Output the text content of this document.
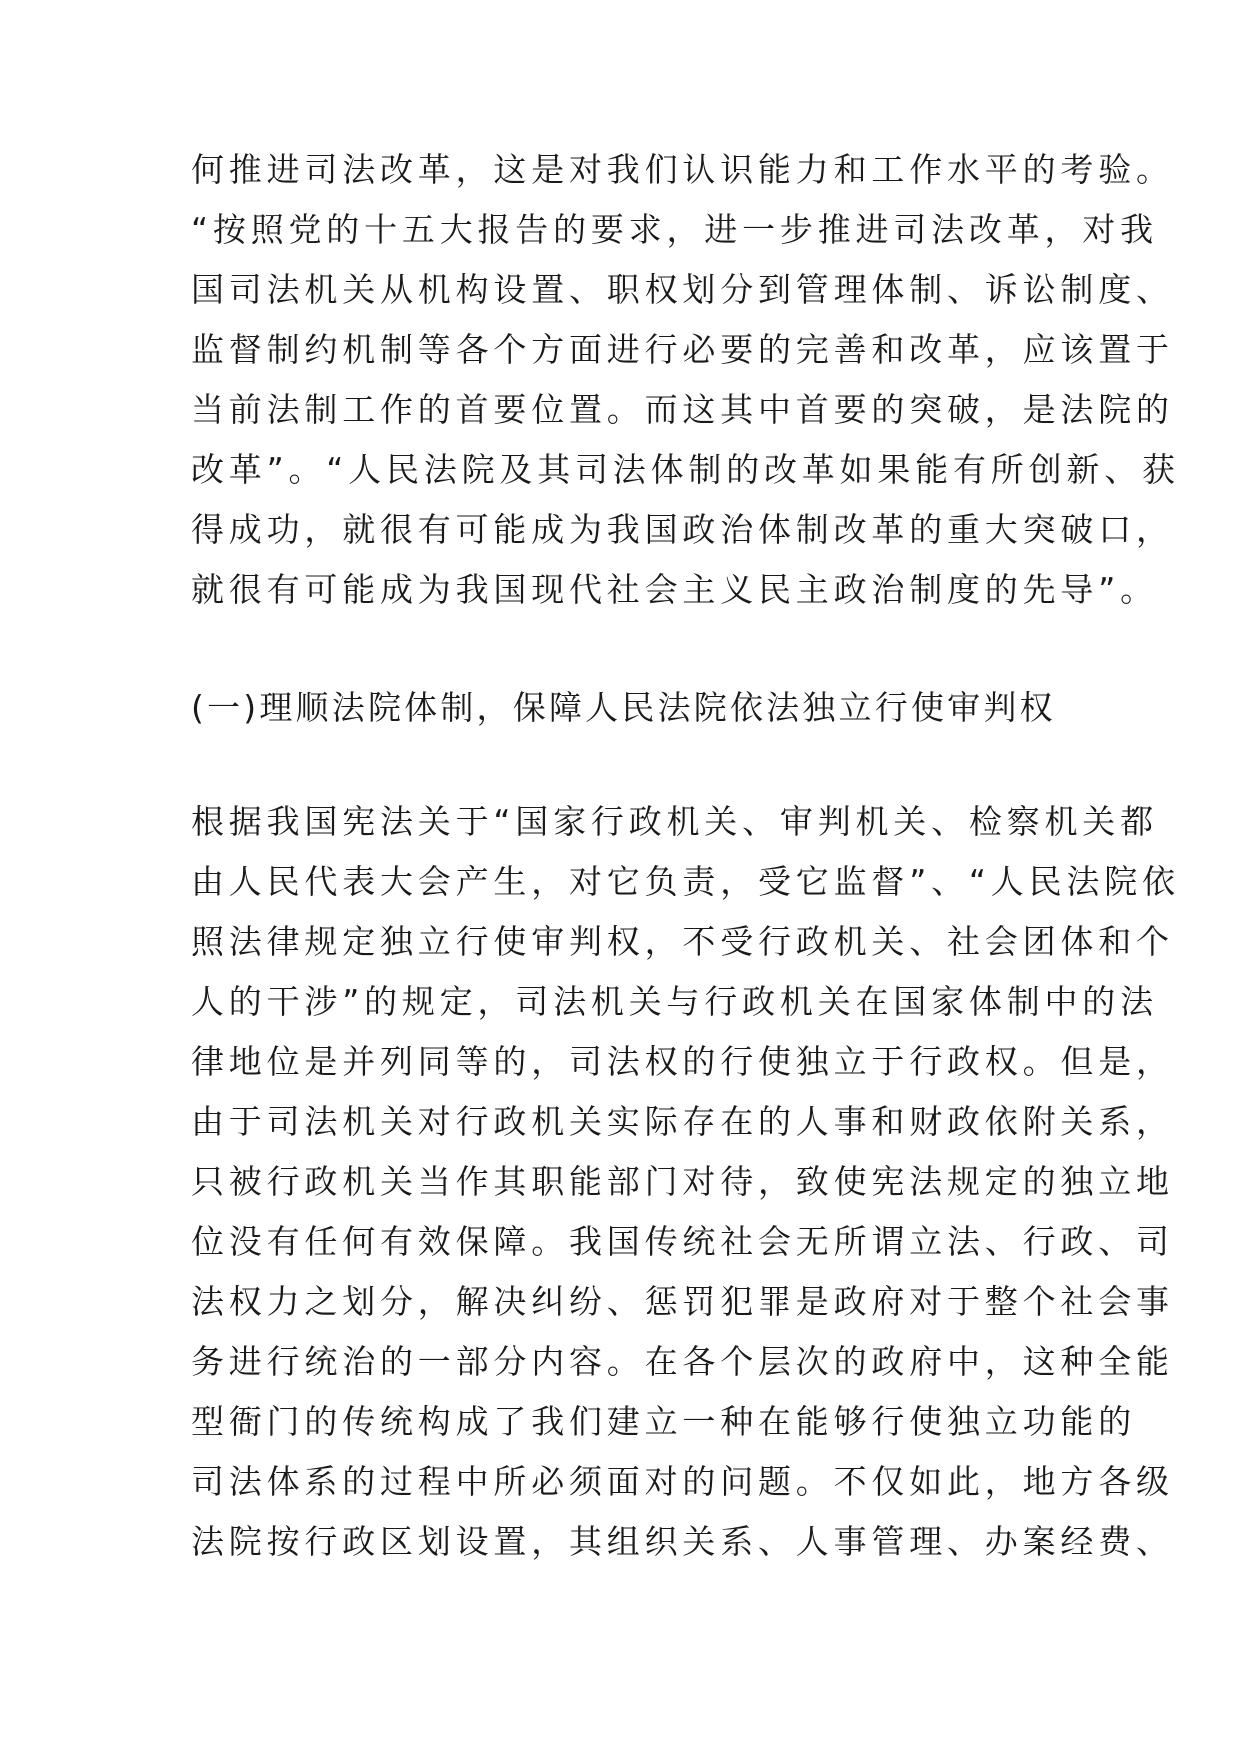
何推进司法改革，这是对我们认识能力和工作水平的考验。
“按照党的十五大报告的要求，进一步推进司法改革，对我
国司法机关从机构设置、职权划分到管理体制、诉讼制度、
监督制约机制等各个方面进行必要的完善和改革，应该置于
当前法制工作的首要位置。而这其中首要的突破，是法院的
改革”。“人民法院及其司法体制的改革如果能有所创新、获
得成功，就很有可能成为我国政治体制改革的重大突破口，
就很有可能成为我国现代社会主义民主政治制度的先导”。
(一)理顺法院体制，保障人民法院依法独立行使审判权
根据我国宪法关于“国家行政机关、审判机关、检察机关都
由人民代表大会产生，对它负责，受它监督”、“人民法院依
照法律规定独立行使审判权，不受行政机关、社会团体和个
人的干涉”的规定，司法机关与行政机关在国家体制中的法
律地位是并列同等的，司法权的行使独立于行政权。但是，
由于司法机关对行政机关实际存在的人事和财政依附关系，
只被行政机关当作其职能部门对待，致使宪法规定的独立地
位没有任何有效保障。我国传统社会无所谓立法、行政、司
法权力之划分，解决纠纷、惩罚犯罪是政府对于整个社会事
务进行统治的一部分内容。在各个层次的政府中，这种全能
型衙门的传统构成了我们建立一种在能够行使独立功能的
司法体系的过程中所必须面对的问题。不仅如此，地方各级
法院按行政区划设置，其组织关系、人事管理、办案经费、
